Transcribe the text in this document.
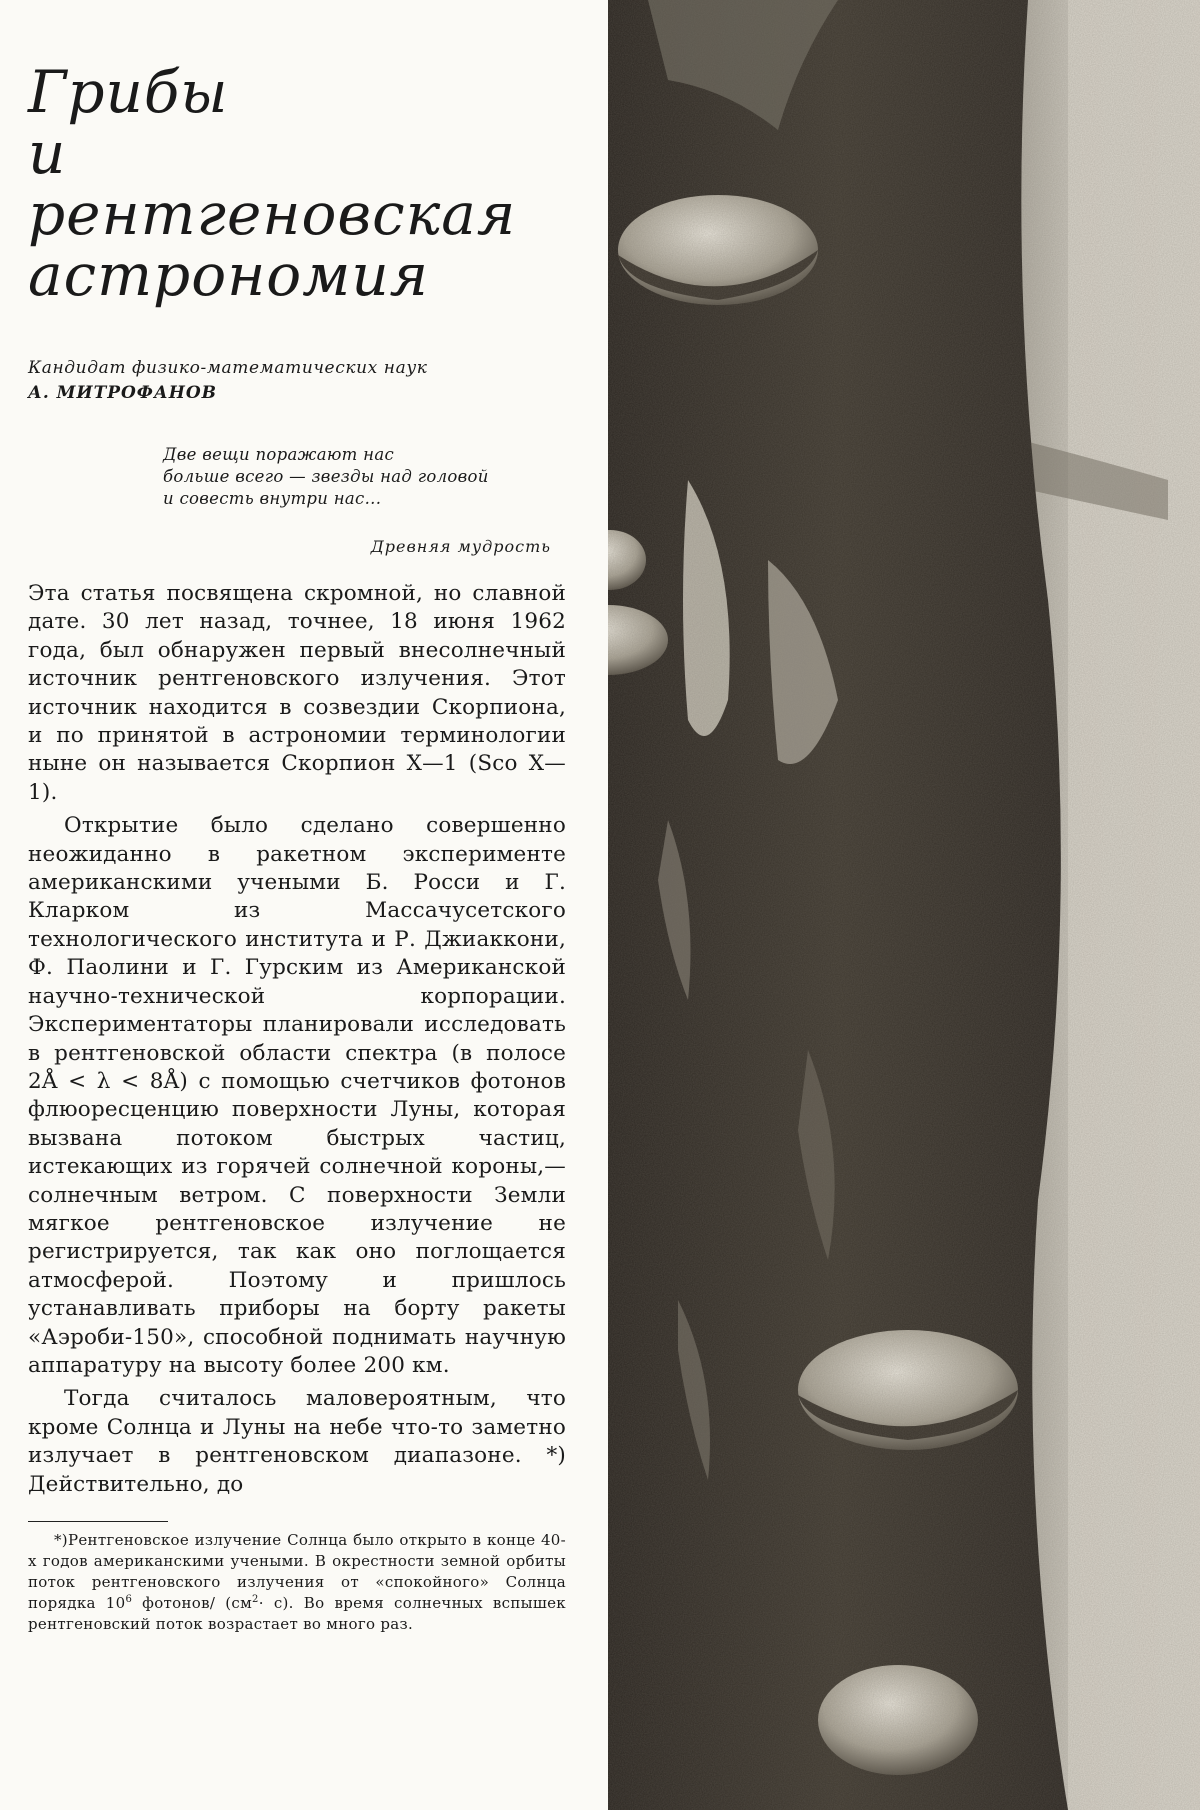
Грибы
и рентгеновская
астрономия
Кандидат физико-математических наук
А. МИТРОФАНОВ
Две вещи поражают нас
больше всего — звезды над головой
и совесть внутри нас...
Древняя мудрость

Эта статья посвящена скромной, но славной дате. 30 лет назад, точнее, 18 июня 1962 года, был обнаружен первый внесолнечный источник рентгеновского излучения. Этот источник находится в созвездии Скорпиона, и по принятой в астрономии терминологии ныне он называется Скорпион X—1 (Sco X—1).

Открытие было сделано совершенно неожиданно в ракетном эксперименте американскими учеными Б. Росси и Г. Кларком из Массачусетского технологического института и Р. Джиаккони, Ф. Паолини и Г. Гурским из Американской научно-технической корпорации. Экспериментаторы планировали исследовать в рентгеновской области спектра (в полосе 2Å < λ < 8Å) с помощью счетчиков фотонов флюоресценцию поверхности Луны, которая вызвана потоком быстрых частиц, истекающих из горячей солнечной короны,— солнечным ветром. С поверхности Земли мягкое рентгеновское излучение не регистрируется, так как оно поглощается атмосферой. Поэтому и пришлось устанавливать приборы на борту ракеты «Аэроби-150», способной поднимать научную аппаратуру на высоту более 200 км.

Тогда считалось маловероятным, что кроме Солнца и Луны на небе что-то заметно излучает в рентгеновском диапазоне. *) Действительно, до

*)Рентгеновское излучение Солнца было открыто в конце 40-х годов американскими учеными. В окрестности земной орбиты поток рентгеновского излучения от «спокойного» Солнца порядка $10^6$ фотонов/ $(см^2\cdot с)$. Во время солнечных вспышек рентгеновский поток возрастает во много раз.
